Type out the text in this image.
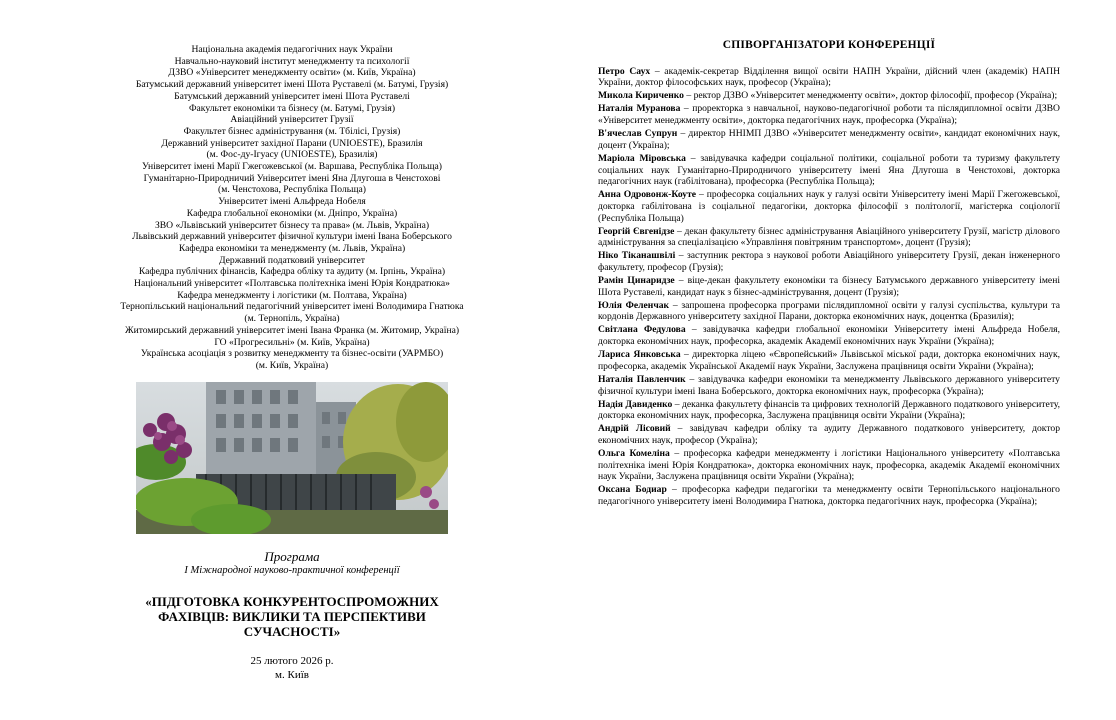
Національна академія педагогічних наук України

Навчально-науковий інститут менеджменту та психології

ДЗВО «Університет менеджменту освіти» (м. Київ, Україна)

Батумський державний університет імені Шота Руставелі (м. Батумі, Грузія)

Батумський державний університет імені Шота Руставелі

Факультет економіки та бізнесу (м. Батумі, Грузія)

Авіаційний університет Грузії

Факультет бізнес адміністрування (м. Тбілісі, Грузія)

Державний університет західної Парани (UNIOESTE), Бразилія

(м. Фос-ду-Ігуасу (UNIOESTE), Бразилія)

Університет імені Марії Гжегожевської (м. Варшава, Республіка Польща)

Гуманітарно-Природничий Університет імені Яна Длугоша в Ченстохові

(м. Ченстохова, Республіка Польща)

Університет імені Альфреда Нобеля

Кафедра глобальної економіки (м. Дніпро, Україна)

ЗВО «Львівський університет бізнесу та права» (м. Львів, Україна)

Львівський державний університет фізичної культури імені Івана Боберського

Кафедра економіки та менеджменту (м. Львів, Україна)

Державний податковий університет

Кафедра публічних фінансів, Кафедра обліку та аудиту (м. Ірпінь, Україна)

Національний університет «Полтавська політехніка імені Юрія Кондратюка»

Кафедра менеджменту і логістики (м. Полтава, Україна)

Тернопільський національний педагогічний університет імені Володимира Гнатюка

(м. Тернопіль, Україна)

Житомирський державний університет імені Івана Франка (м. Житомир, Україна)

ГО «Прогресильні» (м. Київ, Україна)

Українська асоціація з розвитку менеджменту та бізнес-освіти (УАРМБО)

(м. Київ, Україна)

Програма
І Міжнародної науково-практичної конференції
«ПІДГОТОВКА КОНКУРЕНТОСПРОМОЖНИХ ФАХІВЦІВ: ВИКЛИКИ ТА ПЕРСПЕКТИВИ СУЧАСНОСТІ»
25 лютого 2026 р.
м. Київ
СПІВОРГАНІЗАТОРИ КОНФЕРЕНЦІЇ

Петро Саух – академік-секретар Відділення вищої освіти НАПН України, дійсний член (академік) НАПН України, доктор філософських наук, професор (Україна);

Микола Кириченко – ректор ДЗВО «Університет менеджменту освіти», доктор філософії, професор (Україна);

Наталія Муранова – проректорка з навчальної, науково-педагогічної роботи та післядипломної освіти ДЗВО «Університет менеджменту освіти», докторка педагогічних наук, професорка (Україна);

В'ячеслав Супрун – директор ННІМП ДЗВО «Університет менеджменту освіти», кандидат економічних наук, доцент (Україна);

Маріола Міровська – завідувачка кафедри соціальної політики, соціальної роботи та туризму факультету соціальних наук Гуманітарно-Природничого університету імені Яна Длугоша в Ченстохові, докторка педагогічних наук (габілітована), професорка (Республіка Польща);

Анна Одровонж-Коуте – професорка соціальних наук у галузі освіти Університету імені Марії Гжегожевської, докторка габілітована із соціальної педагогіки, докторка філософії з політології, магістерка соціології (Республіка Польща)

Георгій Євгенідзе – декан факультету бізнес адміністрування Авіаційного університету Грузії, магістр ділового адміністрування за спеціалізацією «Управління повітряним транспортом», доцент (Грузія);

Ніко Тіканашвілі – заступник ректора з наукової роботи Авіаційного університету Грузії, декан інженерного факультету, професор (Грузія);

Рамін Цинаридзе – віце-декан факультету економіки та бізнесу Батумського державного університету імені Шота Руставелі, кандидат наук з бізнес-адміністрування, доцент (Грузія);

Юлія Феленчак – запрошена професорка програми післядипломної освіти у галузі суспільства, культури та кордонів Державного університету західної Парани, докторка економічних наук, доцентка (Бразилія);

Світлана Федулова – завідувачка кафедри глобальної економіки Університету імені Альфреда Нобеля, докторка економічних наук, професорка, академік Академії економічних наук України (Україна);

Лариса Янковська – директорка ліцею «Європейський» Львівської міської ради, докторка економічних наук, професорка, академік Української Академії наук України, Заслужена працівниця освіти України (Україна);

Наталія Павленчик – завідувачка кафедри економіки та менеджменту Львівського державного університету фізичної культури імені Івана Боберського, докторка економічних наук, професорка (Україна);

Надія Давиденко – деканка факультету фінансів та цифрових технологій Державного податкового університету, докторка економічних наук, професорка, Заслужена працівниця освіти України (Україна);

Андрій Лісовий – завідувач кафедри обліку та аудиту Державного податкового університету, доктор економічних наук, професор (Україна);

Ольга Комеліна – професорка кафедри менеджменту і логістики Національного університету «Полтавська політехніка імені Юрія Кондратюка», докторка економічних наук, професорка, академік Академії економічних наук України, Заслужена працівниця освіти України (Україна);

Оксана Бодиар – професорка кафедри педагогіки та менеджменту освіти Тернопільського національного педагогічного університету імені Володимира Гнатюка, докторка педагогічних наук, професорка (Україна);
